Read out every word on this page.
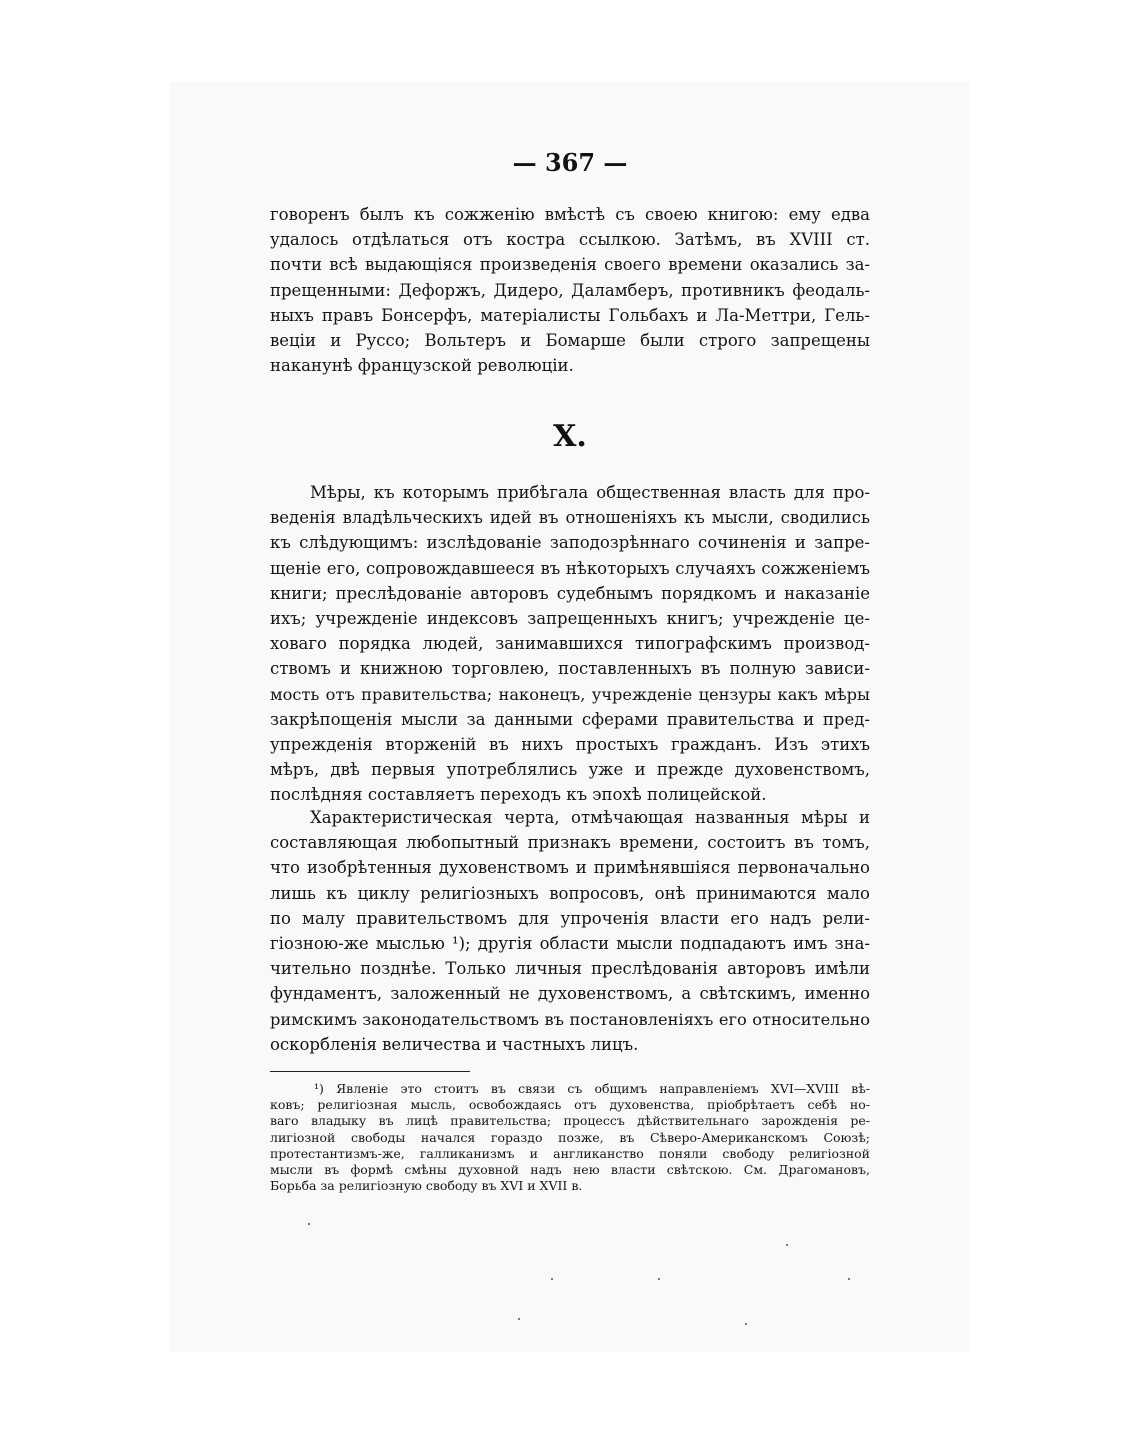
— 367 —
говоренъ былъ къ сожженію вмѣстѣ съ своею книгою: ему едва
удалось отдѣлаться отъ костра ссылкою. Затѣмъ, въ XVIII ст.
почти всѣ выдающіяся произведенія своего времени оказались за-
прещенными: Дефоржъ, Дидеро, Даламберъ, противникъ феодаль-
ныхъ правъ Бонсерфъ, матеріалисты Гольбахъ и Ла-Меттри, Гель-
веціи и Руссо; Вольтеръ и Бомарше были строго запрещены
наканунѣ французской революціи.
X.
Мѣры, къ которымъ прибѣгала общественная власть для про-
веденія владѣльческихъ идей въ отношеніяхъ къ мысли, сводились
къ слѣдующимъ: изслѣдованіе заподозрѣннаго сочиненія и запре-
щеніе его, сопровождавшееся въ нѣкоторыхъ случаяхъ сожженіемъ
книги; преслѣдованіе авторовъ судебнымъ порядкомъ и наказаніе
ихъ; учрежденіе индексовъ запрещенныхъ книгъ; учрежденіе це-
ховаго порядка людей, занимавшихся типографскимъ производ-
ствомъ и книжною торговлею, поставленныхъ въ полную зависи-
мость отъ правительства; наконецъ, учрежденіе цензуры какъ мѣры
закрѣпощенія мысли за данными сферами правительства и пред-
упрежденія вторженій въ нихъ простыхъ гражданъ. Изъ этихъ
мѣръ, двѣ первыя употреблялись уже и прежде духовенствомъ,
послѣдняя составляетъ переходъ къ эпохѣ полицейской.
Характеристическая черта, отмѣчающая названныя мѣры и
составляющая любопытный признакъ времени, состоитъ въ томъ,
что изобрѣтенныя духовенствомъ и примѣнявшіяся первоначально
лишь къ циклу религіозныхъ вопросовъ, онѣ принимаются мало
по малу правительствомъ для упроченія власти его надъ рели-
гіозною-же мыслью ¹); другія области мысли подпадаютъ имъ зна-
чительно позднѣе. Только личныя преслѣдованія авторовъ имѣли
фундаментъ, заложенный не духовенствомъ, а свѣтскимъ, именно
римскимъ законодательствомъ въ постановленіяхъ его относительно
оскорбленія величества и частныхъ лицъ.
¹) Явленіе это стоитъ въ связи съ общимъ направленіемъ XVI—XVIII вѣ-
ковъ; религіозная мысль, освобождаясь отъ духовенства, пріобрѣтаетъ себѣ но-
ваго владыку въ лицѣ правительства; процессъ дѣйствительнаго зарожденія ре-
лигіозной свободы начался гораздо позже, въ Сѣверо-Американскомъ Союзѣ;
протестантизмъ-же, галликанизмъ и англиканство поняли свободу религіозной
мысли въ формѣ смѣны духовной надъ нею власти свѣтскою. См. Драгомановъ,
Борьба за религіозную свободу въ XVI и XVII в.
